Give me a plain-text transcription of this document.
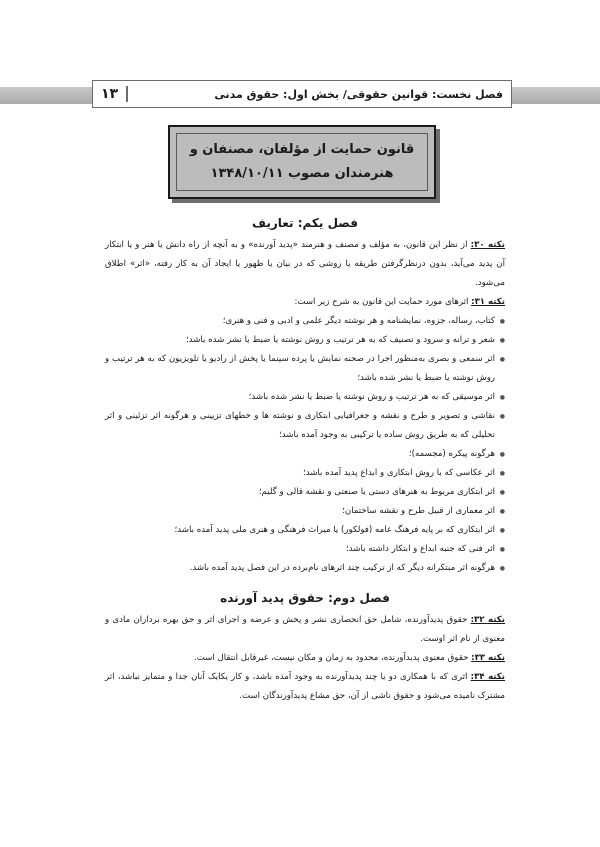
فصل نخست: قوانین حقوقی/ بخش اول: حقوق مدنی
۱۳
قانون حمایت از مؤلفان، مصنفان و
هنرمندان مصوب ۱۳۴۸/۱۰/۱۱
فصل یکم: تعاریف

نکته ۳۰: از نظر این قانون، به مؤلف و مصنف و هنرمند «پدید آورنده» و به آنچه از راه دانش یا هنر و یا ابتکار آن پدید می‌آید، بدون درنظرگرفتن طریقه یا روشی که در بیان یا ظهور یا ایجاد آن به کار رفته، «اثر» اطلاق می‌شود.

نکته ۳۱: اثرهای مورد حمایت این قانون به شرح زیر است:

● کتاب، رساله، جزوه، نمایشنامه و هر نوشته دیگر علمی و ادبی و فنی و هنری؛
● شعر و ترانه و سرود و تصنیف که به هر ترتیب و روش نوشته یا ضبط یا نشر شده باشد؛
● اثر سمعی و بصری به‌منظور اجرا در صحنه نمایش یا پرده سینما یا پخش از رادیو یا تلویزیون که به هر ترتیب و روش نوشته یا ضبط یا نشر شده باشد؛
● اثر موسیقی که به هر ترتیب و روش نوشته یا ضبط یا نشر شده باشد؛
● نقاشی و تصویر و طرح و نقشه و جغرافیایی ابتکاری و نوشته ها و خطهای تزیینی و هرگونه اثر تزئینی و اثر تحلیلی که به طریق روش ساده یا ترکیبی به وجود آمده باشد؛
● هرگونه پیکره (مجسمه)؛
● اثر عکاسی که با روش ابتکاری و ابداع پدید آمده باشد؛
● اثر ابتکاری مربوط به هنرهای دستی یا صنعتی و نقشه قالی و گلیم؛
● اثر معماری از قبیل طرح و نقشه ساختمان؛
● اثر ابتکاری که بر پایه فرهنگ عامه (فولکور) یا میراث فرهنگی و هنری ملی پدید آمده باشد؛
● اثر فنی که جنبه ابداع و ابتکار داشته باشد؛
● هرگونه اثر مبتکرانه دیگر که از ترکیب چند اثرهای نام‌برده در این فصل پدید آمده باشد.
فصل دوم: حقوق پدید آورنده

نکته ۳۲: حقوق پدیدآورنده، شامل حق انحصاری نشر و پخش و عرضه و اجرای اثر و حق بهره برداران مادی و معنوی از نام اثر اوست.

نکته ۳۳: حقوق معنوی پدیدآورنده، محدود به زمان و مکان نیست، غیرقابل انتقال است.

نکته ۳۴: اثری که با همکاری دو یا چند پدیدآورنده به وجود آمده باشد، و کار یکایک آنان جدا و متمایز نباشد، اثر مشترک نامیده می‌شود و حقوق ناشی از آن، حق مشاع پدیدآورندگان است.
